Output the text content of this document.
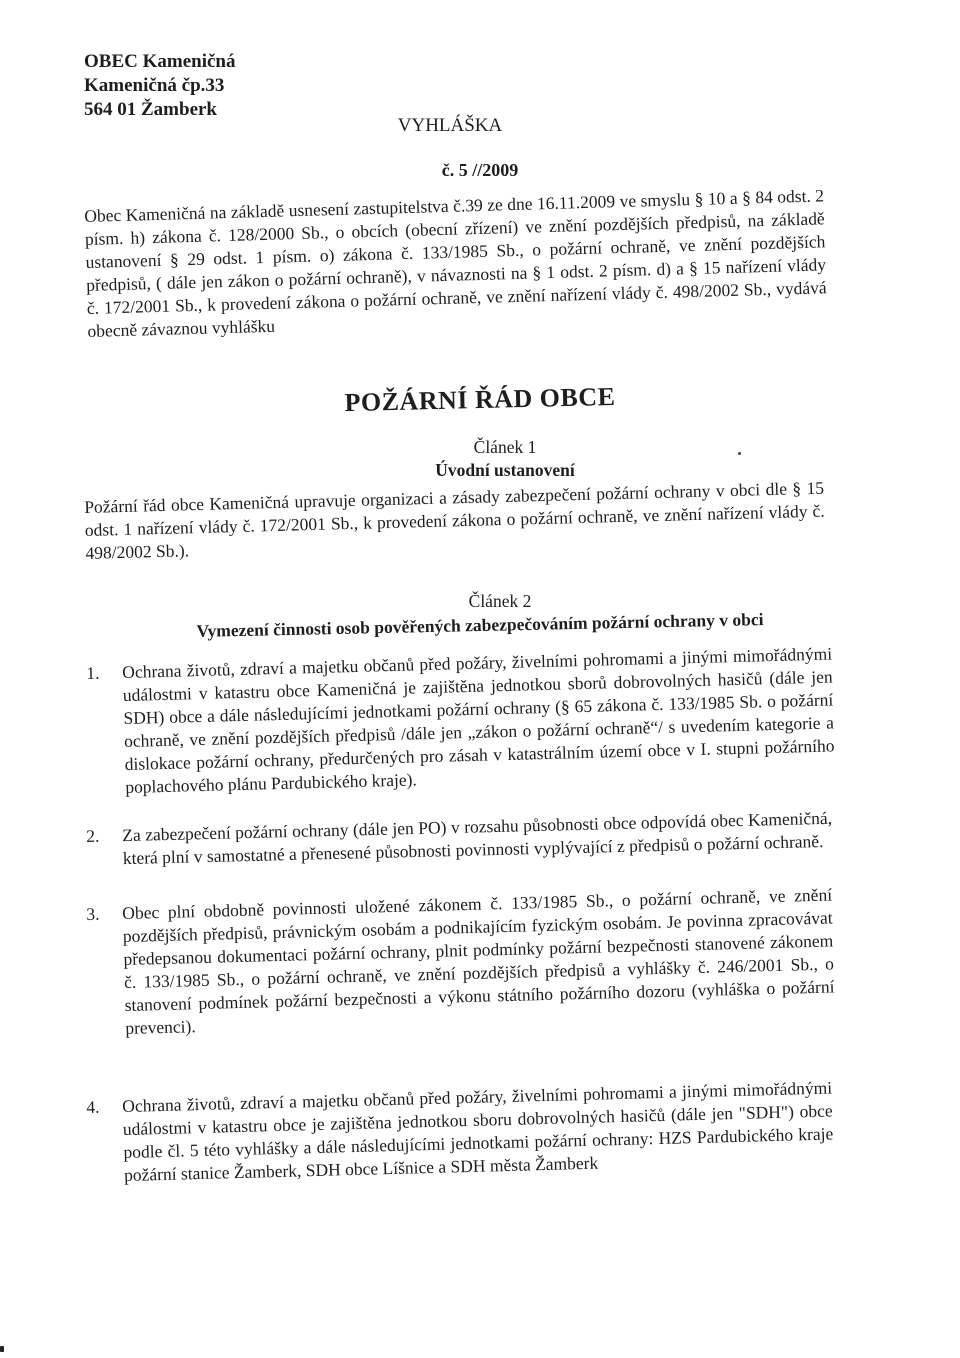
OBEC Kameničná
Kameničná čp.33
564 01 Žamberk
VYHLÁŠKA
č. 5 //2009

Obec Kameničná na základě usnesení zastupitelstva č.39 ze dne 16.11.2009 ve smyslu § 10 a § 84 odst. 2 písm. h) zákona č. 128/2000 Sb., o obcích (obecní zřízení) ve znění pozdějších předpisů, na základě ustanovení § 29 odst. 1 písm. o) zákona č. 133/1985 Sb., o požární ochraně, ve znění pozdějších předpisů, ( dále jen zákon o požární ochraně), v návaznosti na § 1 odst. 2 písm. d) a § 15 nařízení vlády č. 172/2001 Sb., k provedení zákona o požární ochraně, ve znění nařízení vlády č. 498/2002 Sb., vydává obecně závaznou vyhlášku

POŽÁRNÍ ŘÁD OBCE
Článek 1
Úvodní ustanovení

Požární řád obce Kameničná upravuje organizaci a zásady zabezpečení požární ochrany v obci dle § 15 odst. 1 nařízení vlády č. 172/2001 Sb., k provedení zákona o požární ochraně, ve znění nařízení vlády č. 498/2002 Sb.).

Článek 2
Vymezení činnosti osob pověřených zabezpečováním požární ochrany v obci
1. Ochrana životů, zdraví a majetku občanů před požáry, živelními pohromami a jinými mimořádnými událostmi v katastru obce Kameničná je zajištěna jednotkou sborů dobrovolných hasičů (dále jen SDH) obce a dále následujícími jednotkami požární ochrany (§ 65 zákona č. 133/1985 Sb. o požární ochraně, ve znění pozdějších předpisů /dále jen „zákon o požární ochraně“/ s uvedením kategorie a dislokace požární ochrany, předurčených pro zásah v katastrálním území obce v I. stupni požárního poplachového plánu Pardubického kraje).
2. Za zabezpečení požární ochrany (dále jen PO) v rozsahu působnosti obce odpovídá obec Kameničná, která plní v samostatné a přenesené působnosti povinnosti vyplývající z předpisů o požární ochraně.
3. Obec plní obdobně povinnosti uložené zákonem č. 133/1985 Sb., o požární ochraně, ve znění pozdějších předpisů, právnickým osobám a podnikajícím fyzickým osobám. Je povinna zpracovávat předepsanou dokumentaci požární ochrany, plnit podmínky požární bezpečnosti stanovené zákonem č. 133/1985 Sb., o požární ochraně, ve znění pozdějších předpisů a vyhlášky č. 246/2001 Sb., o stanovení podmínek požární bezpečnosti a výkonu státního požárního dozoru (vyhláška o požární prevenci).
4. Ochrana životů, zdraví a majetku občanů před požáry, živelními pohromami a jinými mimořádnými událostmi v katastru obce je zajištěna jednotkou sboru dobrovolných hasičů (dále jen "SDH") obce podle čl. 5 této vyhlášky a dále následujícími jednotkami požární ochrany: HZS Pardubického kraje požární stanice Žamberk, SDH obce Líšnice a SDH města Žamberk
